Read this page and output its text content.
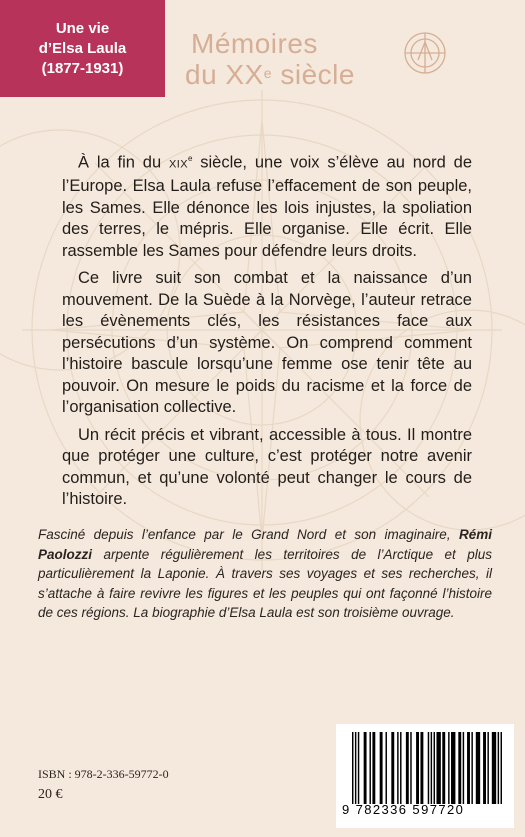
Une vie
d’Elsa Laula
(1877-1931)
Mémoires
du XXe siècle

À la fin du XIXe siècle, une voix s’élève au nord de l’Europe. Elsa Laula refuse l’effacement de son peuple, les Sames. Elle dénonce les lois injustes, la spoliation des terres, le mépris. Elle organise. Elle écrit. Elle rassemble les Sames pour défendre leurs droits.

Ce livre suit son combat et la naissance d’un mouvement. De la Suède à la Norvège, l’auteur retrace les évènements clés, les résistances face aux persécutions d’un système. On comprend comment l’histoire bascule lorsqu’une femme ose tenir tête au pouvoir. On mesure le poids du racisme et la force de l’organisation collective.

Un récit précis et vibrant, accessible à tous. Il montre que protéger une culture, c’est protéger notre avenir commun, et qu’une volonté peut changer le cours de l’histoire.

Fasciné depuis l’enfance par le Grand Nord et son imaginaire, Rémi Paolozzi arpente régulièrement les territoires de l’Arctique et plus particulièrement la Laponie. À travers ses voyages et ses recherches, il s’attache à faire revivre les figures et les peuples qui ont façonné l’histoire de ces régions. La biographie d’Elsa Laula est son troisième ouvrage.
ISBN : 978-2-336-59772-0
20 €
9 782336 597720
